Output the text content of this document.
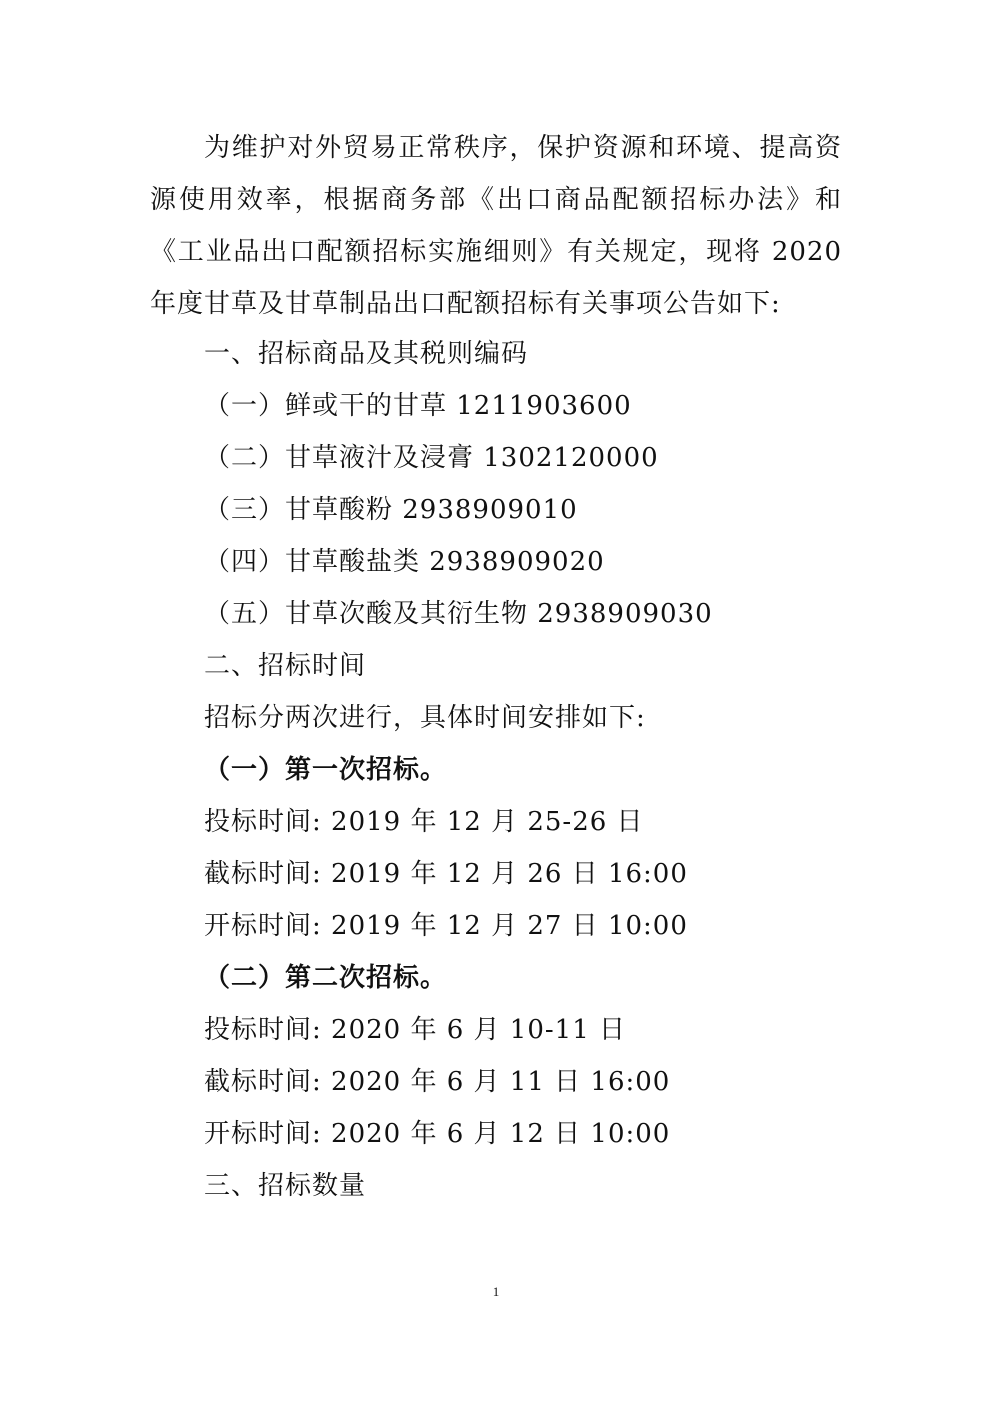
为维护对外贸易正常秩序，保护资源和环境、提高资源使用效率，根据商务部《出口商品配额招标办法》和《工业品出口配额招标实施细则》有关规定，现将 2020 年度甘草及甘草制品出口配额招标有关事项公告如下:

一、招标商品及其税则编码

（一）鲜或干的甘草 1211903600

（二）甘草液汁及浸膏 1302120000

（三）甘草酸粉 2938909010

（四）甘草酸盐类 2938909020

（五）甘草次酸及其衍生物 2938909030

二、招标时间

招标分两次进行，具体时间安排如下:

（一）第一次招标。

投标时间: 2019 年 12 月 25-26 日

截标时间: 2019 年 12 月 26 日 16:00

开标时间: 2019 年 12 月 27 日 10:00

（二）第二次招标。

投标时间: 2020 年 6 月 10-11 日

截标时间: 2020 年 6 月 11 日 16:00

开标时间: 2020 年 6 月 12 日 10:00

三、招标数量

1
